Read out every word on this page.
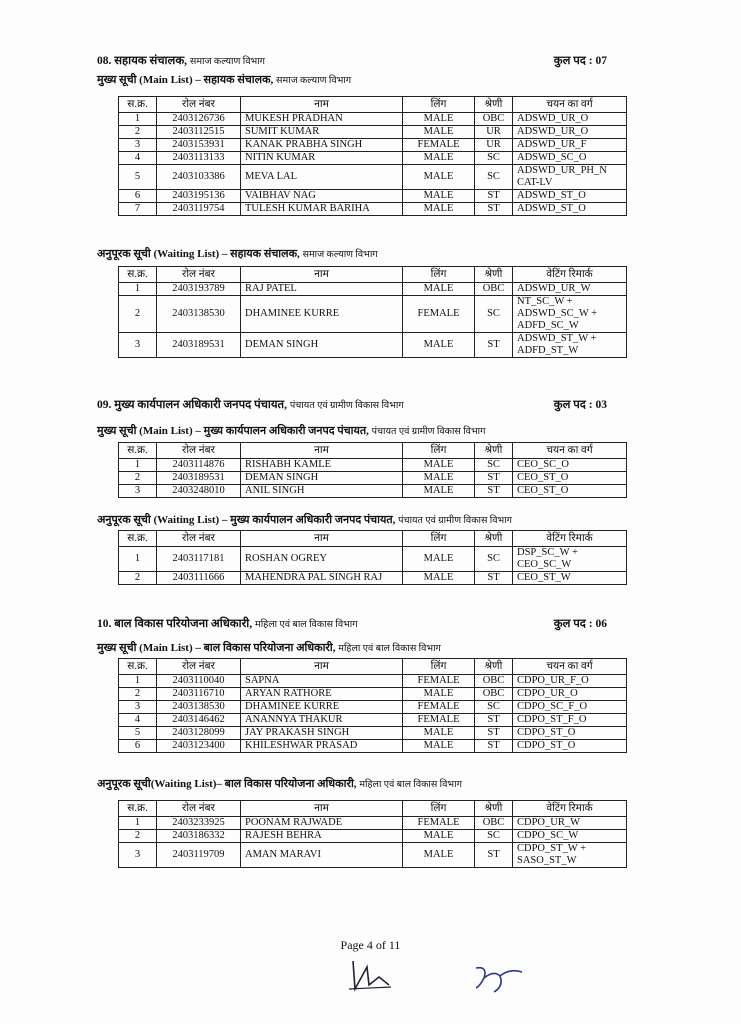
08. सहायक संचालक, समाज कल्याण विभाग	कुल पद : 07
मुख्य सूची (Main List) – सहायक संचालक, समाज कल्याण विभाग
स.क्र.	रोल नंबर	नाम	लिंग	श्रेणी	चयन का वर्ग
1	2403126736	MUKESH PRADHAN	MALE	OBC	ADSWD_UR_O
2	2403112515	SUMIT KUMAR	MALE	UR	ADSWD_UR_O
3	2403153931	KANAK PRABHA SINGH	FEMALE	UR	ADSWD_UR_F
4	2403113133	NITIN KUMAR	MALE	SC	ADSWD_SC_O
5	2403103386	MEVA LAL	MALE	SC	ADSWD_UR_PH_N CAT-LV
6	2403195136	VAIBHAV NAG	MALE	ST	ADSWD_ST_O
7	2403119754	TULESH KUMAR BARIHA	MALE	ST	ADSWD_ST_O
अनुपूरक सूची (Waiting List) – सहायक संचालक, समाज कल्याण विभाग
स.क्र.	रोल नंबर	नाम	लिंग	श्रेणी	वेटिंग रिमार्क
1	2403193789	RAJ PATEL	MALE	OBC	ADSWD_UR_W
2	2403138530	DHAMINEE KURRE	FEMALE	SC	NT_SC_W + ADSWD_SC_W + ADFD_SC_W
3	2403189531	DEMAN SINGH	MALE	ST	ADSWD_ST_W + ADFD_ST_W
09. मुख्य कार्यपालन अधिकारी जनपद पंचायत, पंचायत एवं ग्रामीण विकास विभाग	कुल पद : 03
मुख्य सूची (Main List) – मुख्य कार्यपालन अधिकारी जनपद पंचायत, पंचायत एवं ग्रामीण विकास विभाग
स.क्र.	रोल नंबर	नाम	लिंग	श्रेणी	चयन का वर्ग
1	2403114876	RISHABH KAMLE	MALE	SC	CEO_SC_O
2	2403189531	DEMAN SINGH	MALE	ST	CEO_ST_O
3	2403248010	ANIL SINGH	MALE	ST	CEO_ST_O
अनुपूरक सूची (Waiting List) – मुख्य कार्यपालन अधिकारी जनपद पंचायत, पंचायत एवं ग्रामीण विकास विभाग
स.क्र.	रोल नंबर	नाम	लिंग	श्रेणी	वेटिंग रिमार्क
1	2403117181	ROSHAN OGREY	MALE	SC	DSP_SC_W + CEO_SC_W
2	2403111666	MAHENDRA PAL SINGH RAJ	MALE	ST	CEO_ST_W
10. बाल विकास परियोजना अधिकारी, महिला एवं बाल विकास विभाग	कुल पद : 06
मुख्य सूची (Main List) – बाल विकास परियोजना अधिकारी, महिला एवं बाल विकास विभाग
स.क्र.	रोल नंबर	नाम	लिंग	श्रेणी	चयन का वर्ग
1	2403110040	SAPNA	FEMALE	OBC	CDPO_UR_F_O
2	2403116710	ARYAN RATHORE	MALE	OBC	CDPO_UR_O
3	2403138530	DHAMINEE KURRE	FEMALE	SC	CDPO_SC_F_O
4	2403146462	ANANNYA THAKUR	FEMALE	ST	CDPO_ST_F_O
5	2403128099	JAY PRAKASH SINGH	MALE	ST	CDPO_ST_O
6	2403123400	KHILESHWAR PRASAD	MALE	ST	CDPO_ST_O
अनुपूरक सूची(Waiting List)– बाल विकास परियोजना अधिकारी, महिला एवं बाल विकास विभाग
स.क्र.	रोल नंबर	नाम	लिंग	श्रेणी	वेटिंग रिमार्क
1	2403233925	POONAM RAJWADE	FEMALE	OBC	CDPO_UR_W
2	2403186332	RAJESH BEHRA	MALE	SC	CDPO_SC_W
3	2403119709	AMAN MARAVI	MALE	ST	CDPO_ST_W + SASO_ST_W
Page 4 of 11
